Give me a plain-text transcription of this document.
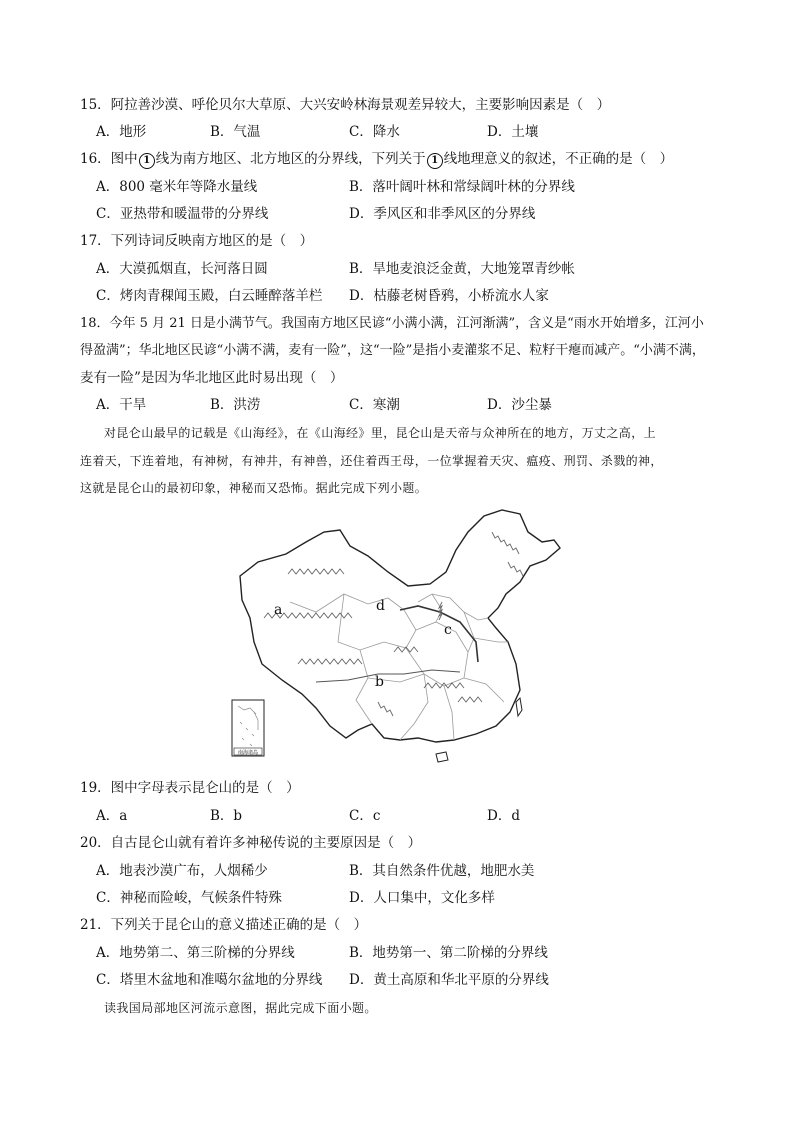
15．阿拉善沙漠、呼伦贝尔大草原、大兴安岭林海景观差异较大，主要影响因素是（　）
A．地形	B．气温	C．降水	D．土壤
16．图中 1 线为南方地区、北方地区的分界线，下列关于 1 线地理意义的叙述，不正确的是（　）
A．800 毫米年等降水量线	B．落叶阔叶林和常绿阔叶林的分界线
C．亚热带和暖温带的分界线	D．季风区和非季风区的分界线
17．下列诗词反映南方地区的是（　）
A．大漠孤烟直，长河落日圆	B．旱地麦浪泛金黄，大地笼罩青纱帐
C．烤肉青稞闻玉殿，白云睡醉落羊栏 D．枯藤老树昏鸦，小桥流水人家
18．今年 5 月 21 日是小满节气。我国南方地区民谚“小满小满，江河渐满”，含义是“雨水开始增多，江河小
得盈满”；华北地区民谚“小满不满，麦有一险”，这“一险”是指小麦灌浆不足、粒籽干瘪而减产。“小满不满，
麦有一险”是因为华北地区此时易出现（　）
A．干旱	B．洪涝	C．寒潮	D．沙尘暴
对昆仑山最早的记载是《山海经》，在《山海经》里，昆仑山是天帝与众神所在的地方，万丈之高，上
连着天，下连着地，有神树，有神井，有神兽，还住着西王母，一位掌握着天灾、瘟疫、刑罚、杀戮的神，
这就是昆仑山的最初印象，神秘而又恐怖。据此完成下列小题。
a
b
c
d
南海诸岛
19．图中字母表示昆仑山的是（　）
A．a	B．b	C．c	D．d
20．自古昆仑山就有着许多神秘传说的主要原因是（　）
A．地表沙漠广布，人烟稀少	B．其自然条件优越，地肥水美
C．神秘而险峻，气候条件特殊	D．人口集中，文化多样
21．下列关于昆仑山的意义描述正确的是（　）
A．地势第二、第三阶梯的分界线	B．地势第一、第二阶梯的分界线
C．塔里木盆地和准噶尔盆地的分界线 D．黄土高原和华北平原的分界线
读我国局部地区河流示意图，据此完成下面小题。
